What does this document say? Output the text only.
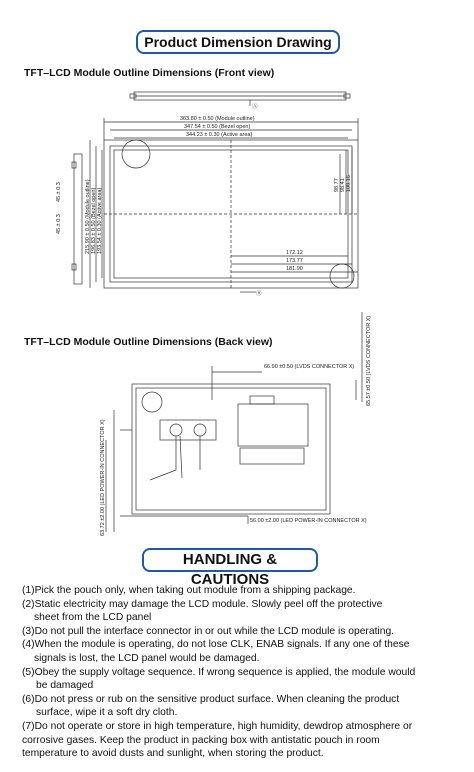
Product Dimension Drawing
TFT–LCD Module Outline Dimensions (Front view)
363.80 ± 0.50 (Module outline)
347.54 ± 0.50 (Bezel open)
344.23 ± 0.30 (Active area)
Ⓐ
Ⓑ
215.90 ± 0.50 (Module outline) 196.83 ± 0.50 (Bezel open) 193.54 ± 0.30 (Active area)
98.77 98.41 108.16
172.12
173.77
181.90
45 ± 0.3
45 ± 0.3
TFT–LCD Module Outline Dimensions (Back view)
66.90 ±0.50 (LVDS CONNECTOR X) 65.57 ±0.50 (LVDS CONNECTOR X)
56.00 ±2.00 (LED POWER-IN CONNECTOR X)
63.72 ±2.00 (LED POWER-IN CONNECTOR X)
HANDLING & CAUTIONS
(1)Pick the pouch only, when taking out module from a shipping package.
(2)Static electricity may damage the LCD module. Slowly peel off the protective
sheet from the LCD panel
(3)Do not pull the interface connector in or out while the LCD module is operating.
(4)When the module is operating, do not lose CLK, ENAB signals. If any one of these
signals is lost, the LCD panel would be damaged.
(5)Obey the supply voltage sequence. If wrong sequence is applied, the module would
be damaged
(6)Do not press or rub on the sensitive product surface. When cleaning the product
surface, wipe it a soft dry cloth.
(7)Do not operate or store in high temperature, high humidity, dewdrop atmosphere or
corrosive gases. Keep the product in packing box with antistatic pouch in room
temperature to avoid dusts and sunlight, when storing the product.
